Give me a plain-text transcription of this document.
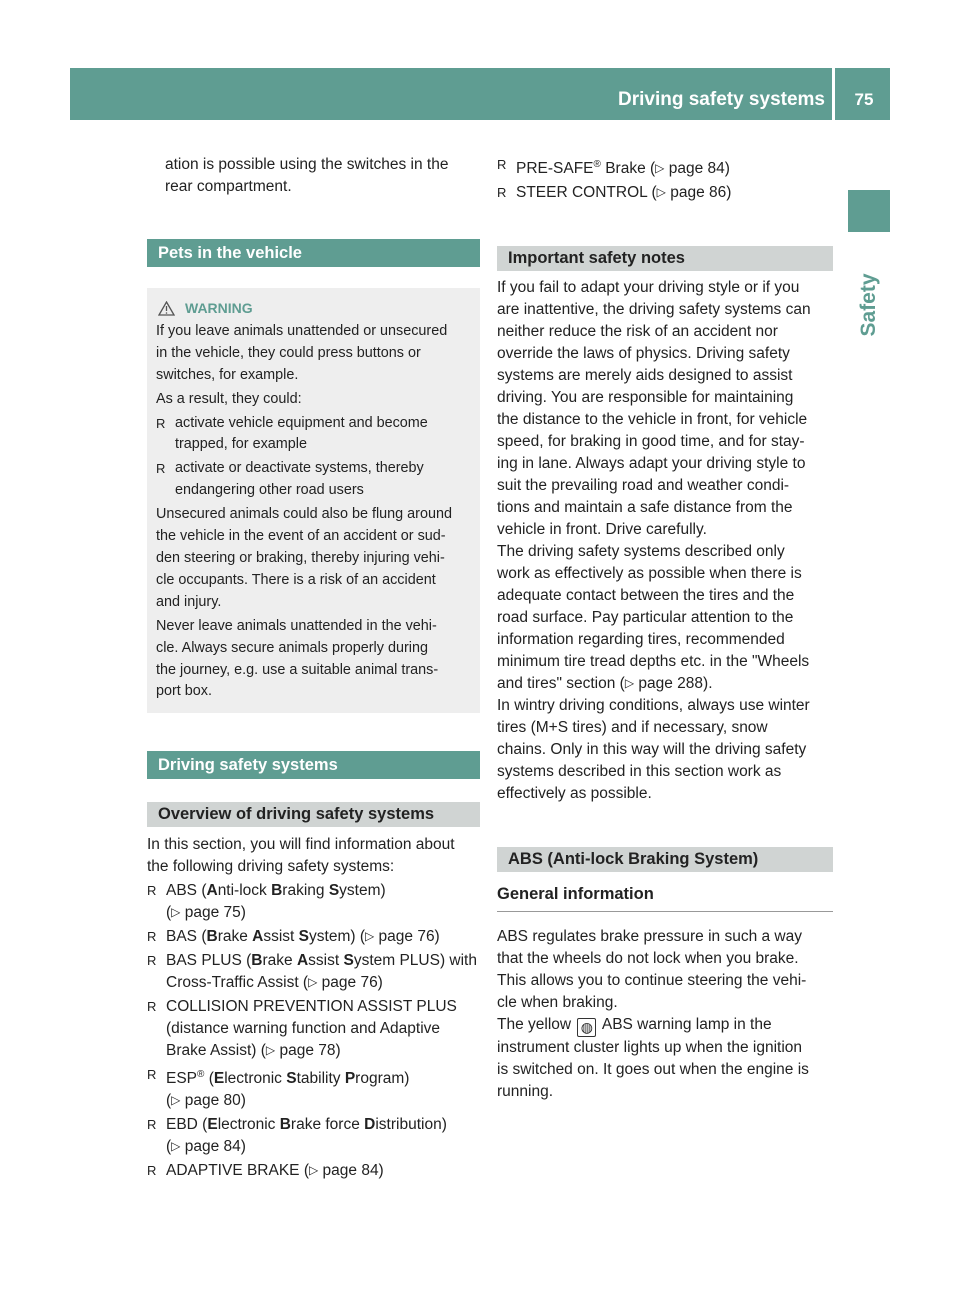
Driving safety systems	75
Safety

ation is possible using the switches in the
rear compartment.

Pets in the vehicle
WARNING

If you leave animals unattended or unsecured
in the vehicle, they could press buttons or
switches, for example.

As a result, they could:

R activate vehicle equipment and become
trapped, for example
R activate or deactivate systems, thereby
endangering other road users

Unsecured animals could also be flung around
the vehicle in the event of an accident or sud-
den steering or braking, thereby injuring vehi-
cle occupants. There is a risk of an accident
and injury.

Never leave animals unattended in the vehi-
cle. Always secure animals properly during
the journey, e.g. use a suitable animal trans-
port box.

Driving safety systems
Overview of driving safety systems

In this section, you will find information about
the following driving safety systems:

R ABS (Anti-lock Braking System)
(▷ page 75)
R BAS (Brake Assist System) (▷ page 76)
R BAS PLUS (Brake Assist System PLUS) with
Cross-Traffic Assist (▷ page 76)
R COLLISION PREVENTION ASSIST PLUS
(distance warning function and Adaptive
Brake Assist) (▷ page 78)
R ESP® (Electronic Stability Program)
(▷ page 80)
R EBD (Electronic Brake force Distribution)
(▷ page 84)
R ADAPTIVE BRAKE (▷ page 84)
R PRE-SAFE® Brake (▷ page 84)
R STEER CONTROL (▷ page 86)
Important safety notes

If you fail to adapt your driving style or if you
are inattentive, the driving safety systems can
neither reduce the risk of an accident nor
override the laws of physics. Driving safety
systems are merely aids designed to assist
driving. You are responsible for maintaining
the distance to the vehicle in front, for vehicle
speed, for braking in good time, and for stay-
ing in lane. Always adapt your driving style to
suit the prevailing road and weather condi-
tions and maintain a safe distance from the
vehicle in front. Drive carefully.

The driving safety systems described only
work as effectively as possible when there is
adequate contact between the tires and the
road surface. Pay particular attention to the
information regarding tires, recommended
minimum tire tread depths etc. in the "Wheels
and tires" section (▷ page 288).

In wintry driving conditions, always use winter
tires (M+S tires) and if necessary, snow
chains. Only in this way will the driving safety
systems described in this section work as
effectively as possible.

ABS (Anti-lock Braking System)
General information

ABS regulates brake pressure in such a way
that the wheels do not lock when you brake.
This allows you to continue steering the vehi-
cle when braking.

The yellow ◍ ABS warning lamp in the
instrument cluster lights up when the ignition
is switched on. It goes out when the engine is
running.
